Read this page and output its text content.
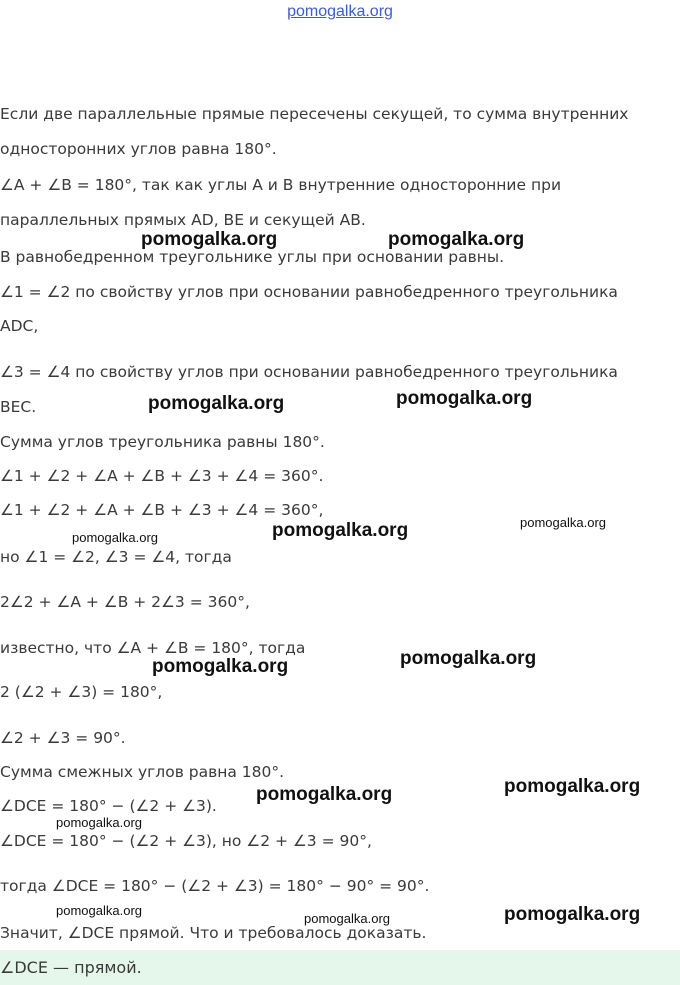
pomogalka.org
Если две параллельные прямые пересечены секущей, то сумма внутренних
односторонних углов равна 180°.
∠A + ∠B = 180°, так как углы A и B внутренние односторонние при
параллельных прямых AD, BE и секущей AB.
В равнобедренном треугольнике углы при основании равны.
∠1 = ∠2 по свойству углов при основании равнобедренного треугольника
ADC,
∠3 = ∠4 по свойству углов при основании равнобедренного треугольника
BEC.
Сумма углов треугольника равны 180°.
∠1 + ∠2 + ∠A + ∠B + ∠3 + ∠4 = 360°.
∠1 + ∠2 + ∠A + ∠B + ∠3 + ∠4 = 360°,
но ∠1 = ∠2, ∠3 = ∠4, тогда
2∠2 + ∠A + ∠B + 2∠3 = 360°,
известно, что ∠A + ∠B = 180°, тогда
2 (∠2 + ∠3) = 180°,
∠2 + ∠3 = 90°.
Сумма смежных углов равна 180°.
∠DCE = 180° − (∠2 + ∠3).
∠DCE = 180° − (∠2 + ∠3), но ∠2 + ∠3 = 90°,
тогда ∠DCE = 180° − (∠2 + ∠3) = 180° − 90° = 90°.
Значит, ∠DCE прямой. Что и требовалось доказать.
∠DCE — прямой.
pomogalka.org	pomogalka.org
pomogalka.org	pomogalka.org
pomogalka.org	pomogalka.org
pomogalka.org
pomogalka.org	pomogalka.org
pomogalka.org	pomogalka.org
pomogalka.org
pomogalka.org
pomogalka.org	pomogalka.org
